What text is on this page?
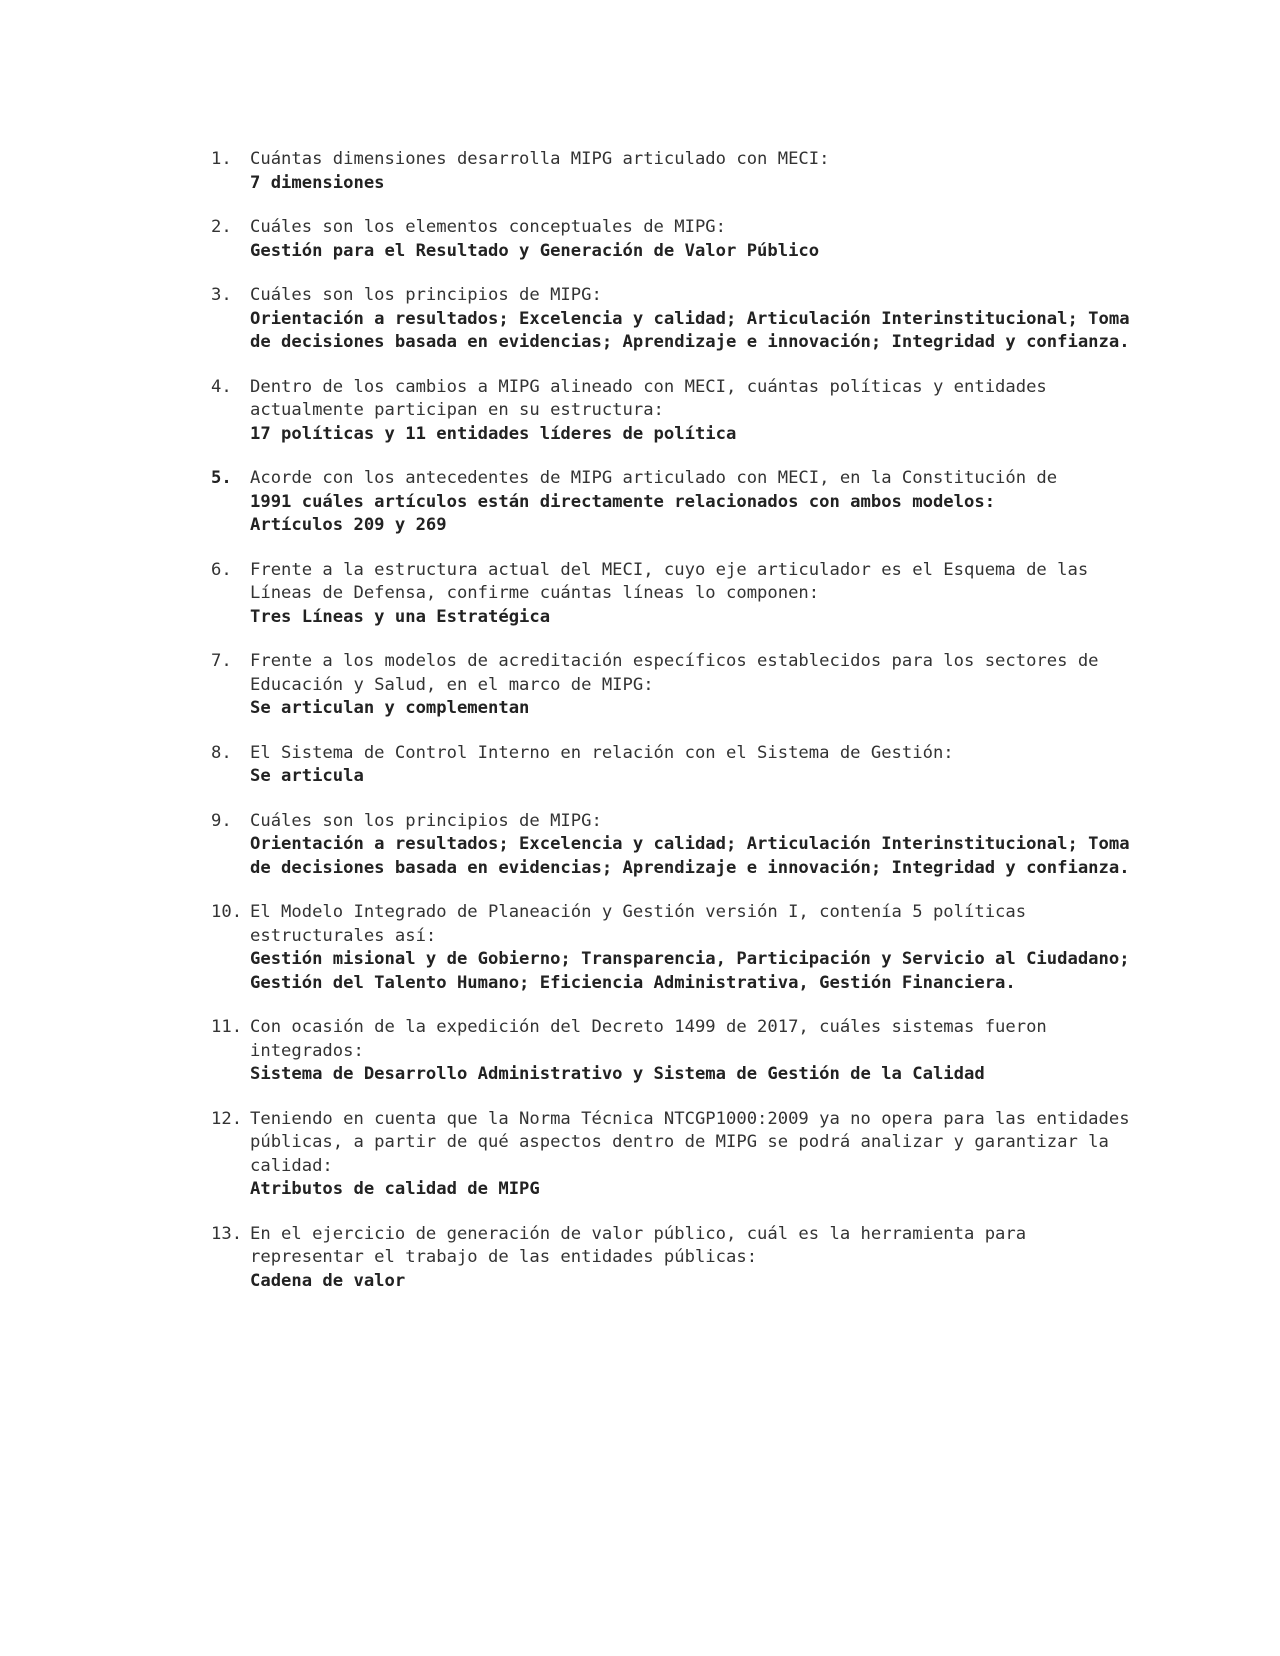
1.	Cuántas dimensiones desarrolla MIPG articulado con MECI:
7 dimensiones
2.	Cuáles son los elementos conceptuales de MIPG:
Gestión para el Resultado y Generación de Valor Público
3.	Cuáles son los principios de MIPG:
Orientación a resultados; Excelencia y calidad; Articulación Interinstitucional; Toma de decisiones basada en evidencias; Aprendizaje e innovación; Integridad y confianza.
4.	Dentro de los cambios a MIPG alineado con MECI, cuántas políticas y entidades actualmente participan en su estructura:
17 políticas y 11 entidades líderes de política
5.	Acorde con los antecedentes de MIPG articulado con MECI, en la Constitución de
1991 cuáles artículos están directamente relacionados con ambos modelos:
Artículos 209 y 269
6.	Frente a la estructura actual del MECI, cuyo eje articulador es el Esquema de las Líneas de Defensa, confirme cuántas líneas lo componen:
Tres Líneas y una Estratégica
7.	Frente a los modelos de acreditación específicos establecidos para los sectores de Educación y Salud, en el marco de MIPG:
Se articulan y complementan
8.	El Sistema de Control Interno en relación con el Sistema de Gestión:
Se articula
9.	Cuáles son los principios de MIPG:
Orientación a resultados; Excelencia y calidad; Articulación Interinstitucional; Toma de decisiones basada en evidencias; Aprendizaje e innovación; Integridad y confianza.
10. El Modelo Integrado de Planeación y Gestión versión I, contenía 5 políticas estructurales así:
Gestión misional y de Gobierno; Transparencia, Participación y Servicio al Ciudadano; Gestión del Talento Humano; Eficiencia Administrativa, Gestión Financiera.
11. Con ocasión de la expedición del Decreto 1499 de 2017, cuáles sistemas fueron integrados:
Sistema de Desarrollo Administrativo y Sistema de Gestión de la Calidad
12. Teniendo en cuenta que la Norma Técnica NTCGP1000:2009 ya no opera para las entidades públicas, a partir de qué aspectos dentro de MIPG se podrá analizar y garantizar la calidad:
Atributos de calidad de MIPG
13. En el ejercicio de generación de valor público, cuál es la herramienta para representar el trabajo de las entidades públicas:
Cadena de valor
